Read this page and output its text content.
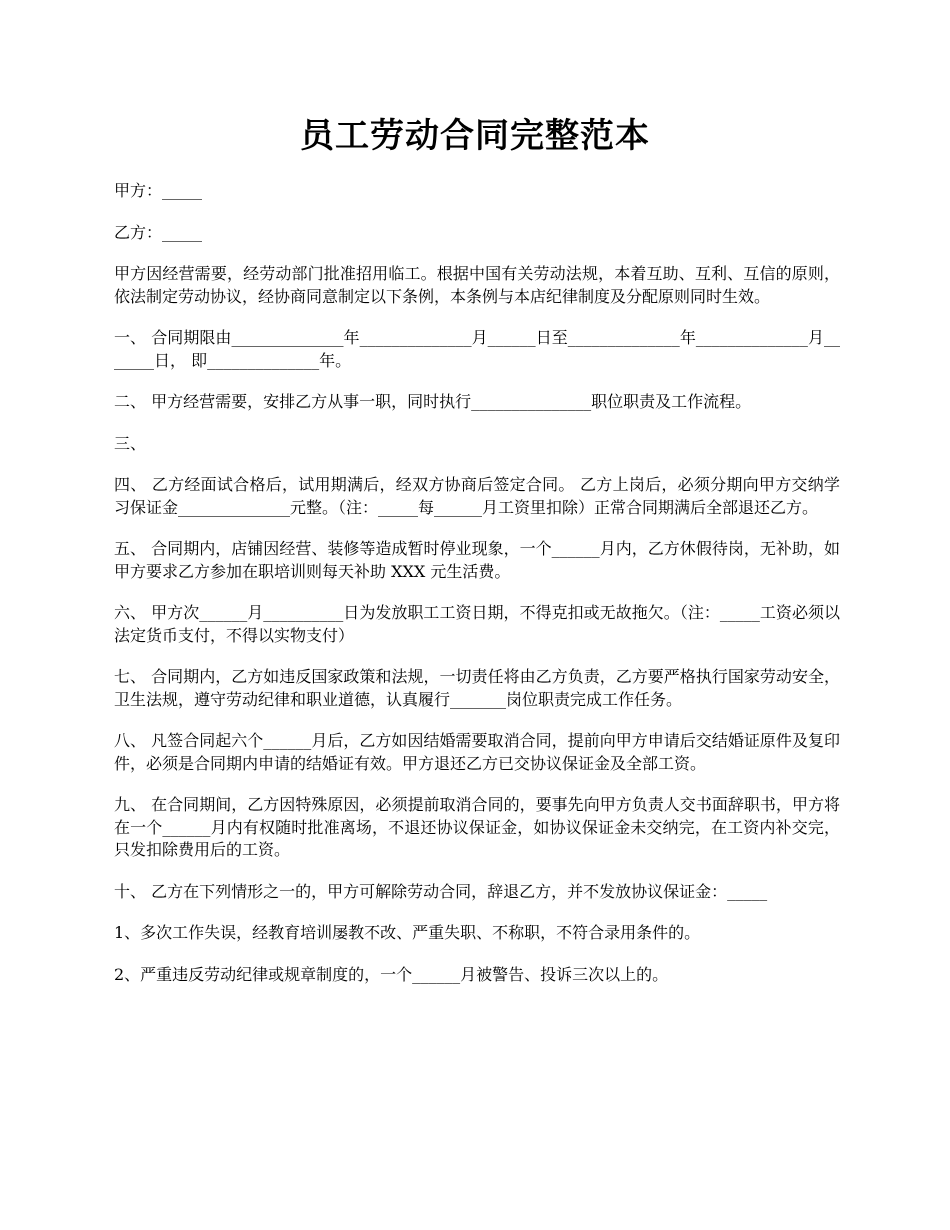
员工劳动合同完整范本

甲方：_____

乙方：_____

甲方因经营需要，经劳动部门批准招用临工。根据中国有关劳动法规，本着互助、互利、互信的原则，依法制定劳动协议，经协商同意制定以下条例，本条例与本店纪律制度及分配原则同时生效。

一、 合同期限由______________年______________月______日至______________年______________月_______日， 即______________年。

二、 甲方经营需要，安排乙方从事一职，同时执行_______________职位职责及工作流程。

三、

四、 乙方经面试合格后，试用期满后，经双方协商后签定合同。 乙方上岗后，必须分期向甲方交纳学习保证金______________元整。（注：_____每______月工资里扣除）正常合同期满后全部退还乙方。

五、 合同期内，店铺因经营、装修等造成暂时停业现象，一个______月内，乙方休假待岗，无补助，如甲方要求乙方参加在职培训则每天补助 XXX 元生活费。

六、 甲方次______月__________日为发放职工工资日期，不得克扣或无故拖欠。（注：_____工资必须以法定货币支付，不得以实物支付）

七、 合同期内，乙方如违反国家政策和法规，一切责任将由乙方负责，乙方要严格执行国家劳动安全，卫生法规，遵守劳动纪律和职业道德，认真履行_______岗位职责完成工作任务。

八、 凡签合同起六个______月后，乙方如因结婚需要取消合同，提前向甲方申请后交结婚证原件及复印件，必须是合同期内申请的结婚证有效。甲方退还乙方已交协议保证金及全部工资。

九、 在合同期间，乙方因特殊原因，必须提前取消合同的，要事先向甲方负责人交书面辞职书，甲方将在一个______月内有权随时批准离场，不退还协议保证金，如协议保证金未交纳完，在工资内补交完，只发扣除费用后的工资。

十、 乙方在下列情形之一的，甲方可解除劳动合同，辞退乙方，并不发放协议保证金：_____

1、多次工作失误，经教育培训屡教不改、严重失职、不称职，不符合录用条件的。

2、严重违反劳动纪律或规章制度的，一个______月被警告、投诉三次以上的。
